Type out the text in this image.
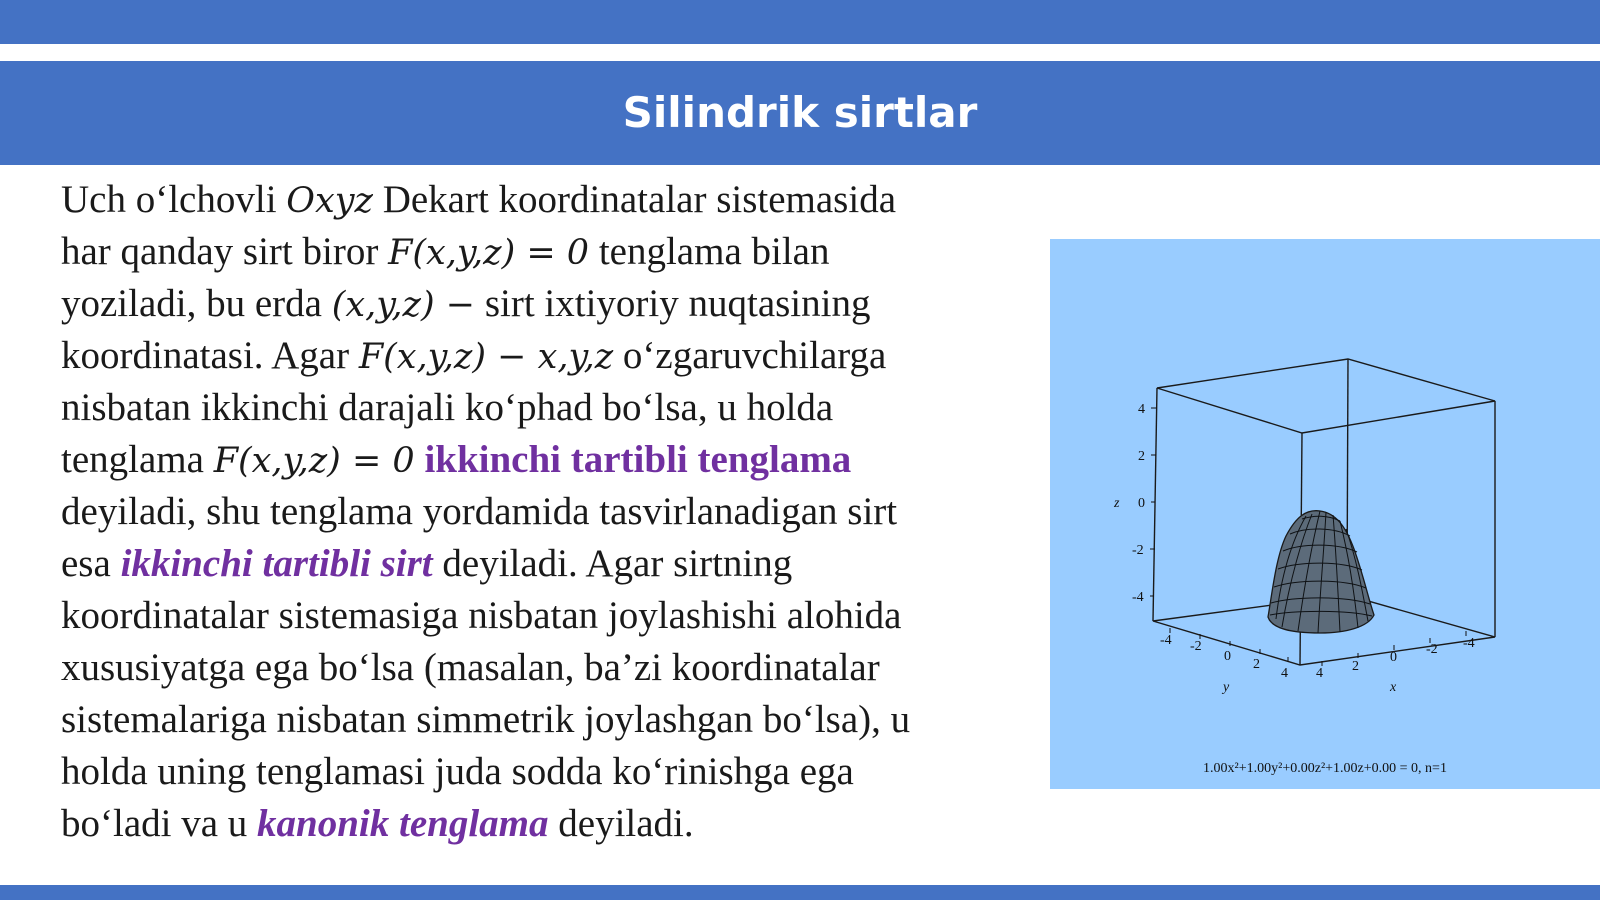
Silindrik sirtlar
Uch o‘lchovli Oxyz Dekart koordinatalar sistemasida
har qanday sirt biror F(x,y,z) = 0 tenglama bilan
yoziladi, bu erda (x,y,z) − sirt ixtiyoriy nuqtasining
koordinatasi. Agar F(x,y,z) − x,y,z o‘zgaruvchilarga
nisbatan ikkinchi darajali ko‘phad bo‘lsa, u holda
tenglama F(x,y,z) = 0 ikkinchi tartibli tenglama
deyiladi, shu tenglama yordamida tasvirlanadigan sirt
esa ikkinchi tartibli sirt deyiladi. Agar sirtning
koordinatalar sistemasiga nisbatan joylashishi alohida
xususiyatga ega bo‘lsa (masalan, ba’zi koordinatalar
sistemalariga nisbatan simmetrik joylashgan bo‘lsa), u
holda uning tenglamasi juda sodda ko‘rinishga ega
bo‘ladi va u kanonik tenglama deyiladi.
z
4
2
0
-2
-4
-4 -2
0
2
4
y
4 2
0
-2 -4
x
1.00x²+1.00y²+0.00z²+1.00z+0.00 = 0, n=1
